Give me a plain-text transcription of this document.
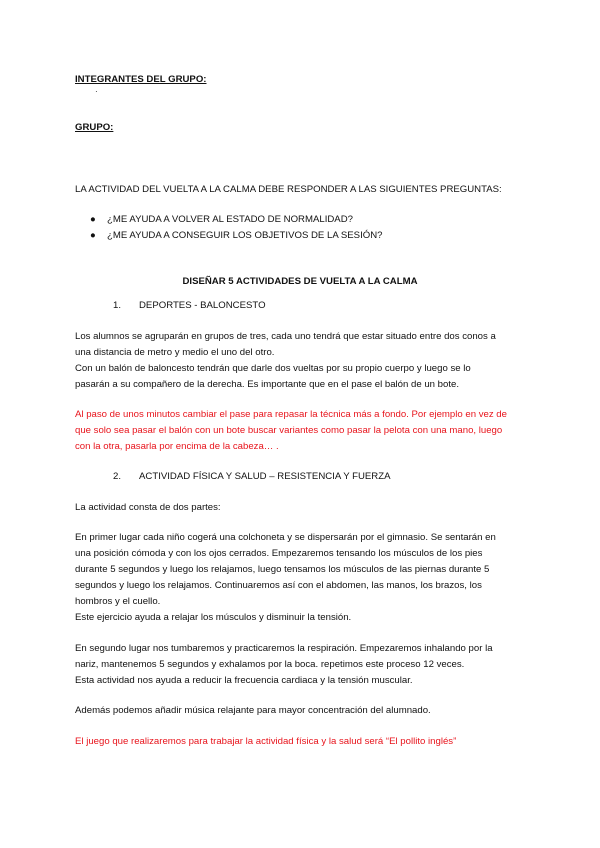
INTEGRANTES DEL GRUPO:
·
GRUPO:
LA ACTIVIDAD DEL VUELTA A LA CALMA DEBE RESPONDER A LAS SIGUIENTES PREGUNTAS:
● ¿ME AYUDA A VOLVER AL ESTADO DE NORMALIDAD?
● ¿ME AYUDA A CONSEGUIR LOS OBJETIVOS DE LA SESIÓN?
DISEÑAR 5 ACTIVIDADES DE VUELTA A LA CALMA
1. DEPORTES - BALONCESTO
Los alumnos se agruparán en grupos de tres, cada uno tendrá que estar situado entre dos conos a
una distancia de metro y medio el uno del otro.
Con un balón de baloncesto tendrán que darle dos vueltas por su propio cuerpo y luego se lo
pasarán a su compañero de la derecha. Es importante que en el pase el balón de un bote.
Al paso de unos minutos cambiar el pase para repasar la técnica más a fondo. Por ejemplo en vez de
que solo sea pasar el balón con un bote buscar variantes como pasar la pelota con una mano, luego
con la otra, pasarla por encima de la cabeza… .
2. ACTIVIDAD FÍSICA Y SALUD – RESISTENCIA Y FUERZA
La actividad consta de dos partes:
En primer lugar cada niño cogerá una colchoneta y se dispersarán por el gimnasio. Se sentarán en
una posición cómoda y con los ojos cerrados. Empezaremos tensando los músculos de los pies
durante 5 segundos y luego los relajamos, luego tensamos los músculos de las piernas durante 5
segundos y luego los relajamos. Continuaremos así con el abdomen, las manos, los brazos, los
hombros y el cuello.
Este ejercicio ayuda a relajar los músculos y disminuir la tensión.
En segundo lugar nos tumbaremos y practicaremos la respiración. Empezaremos inhalando por la
nariz, mantenemos 5 segundos y exhalamos por la boca. repetimos este proceso 12 veces.
Esta actividad nos ayuda a reducir la frecuencia cardiaca y la tensión muscular.
Además podemos añadir música relajante para mayor concentración del alumnado.
El juego que realizaremos para trabajar la actividad física y la salud será “El pollito inglés”
